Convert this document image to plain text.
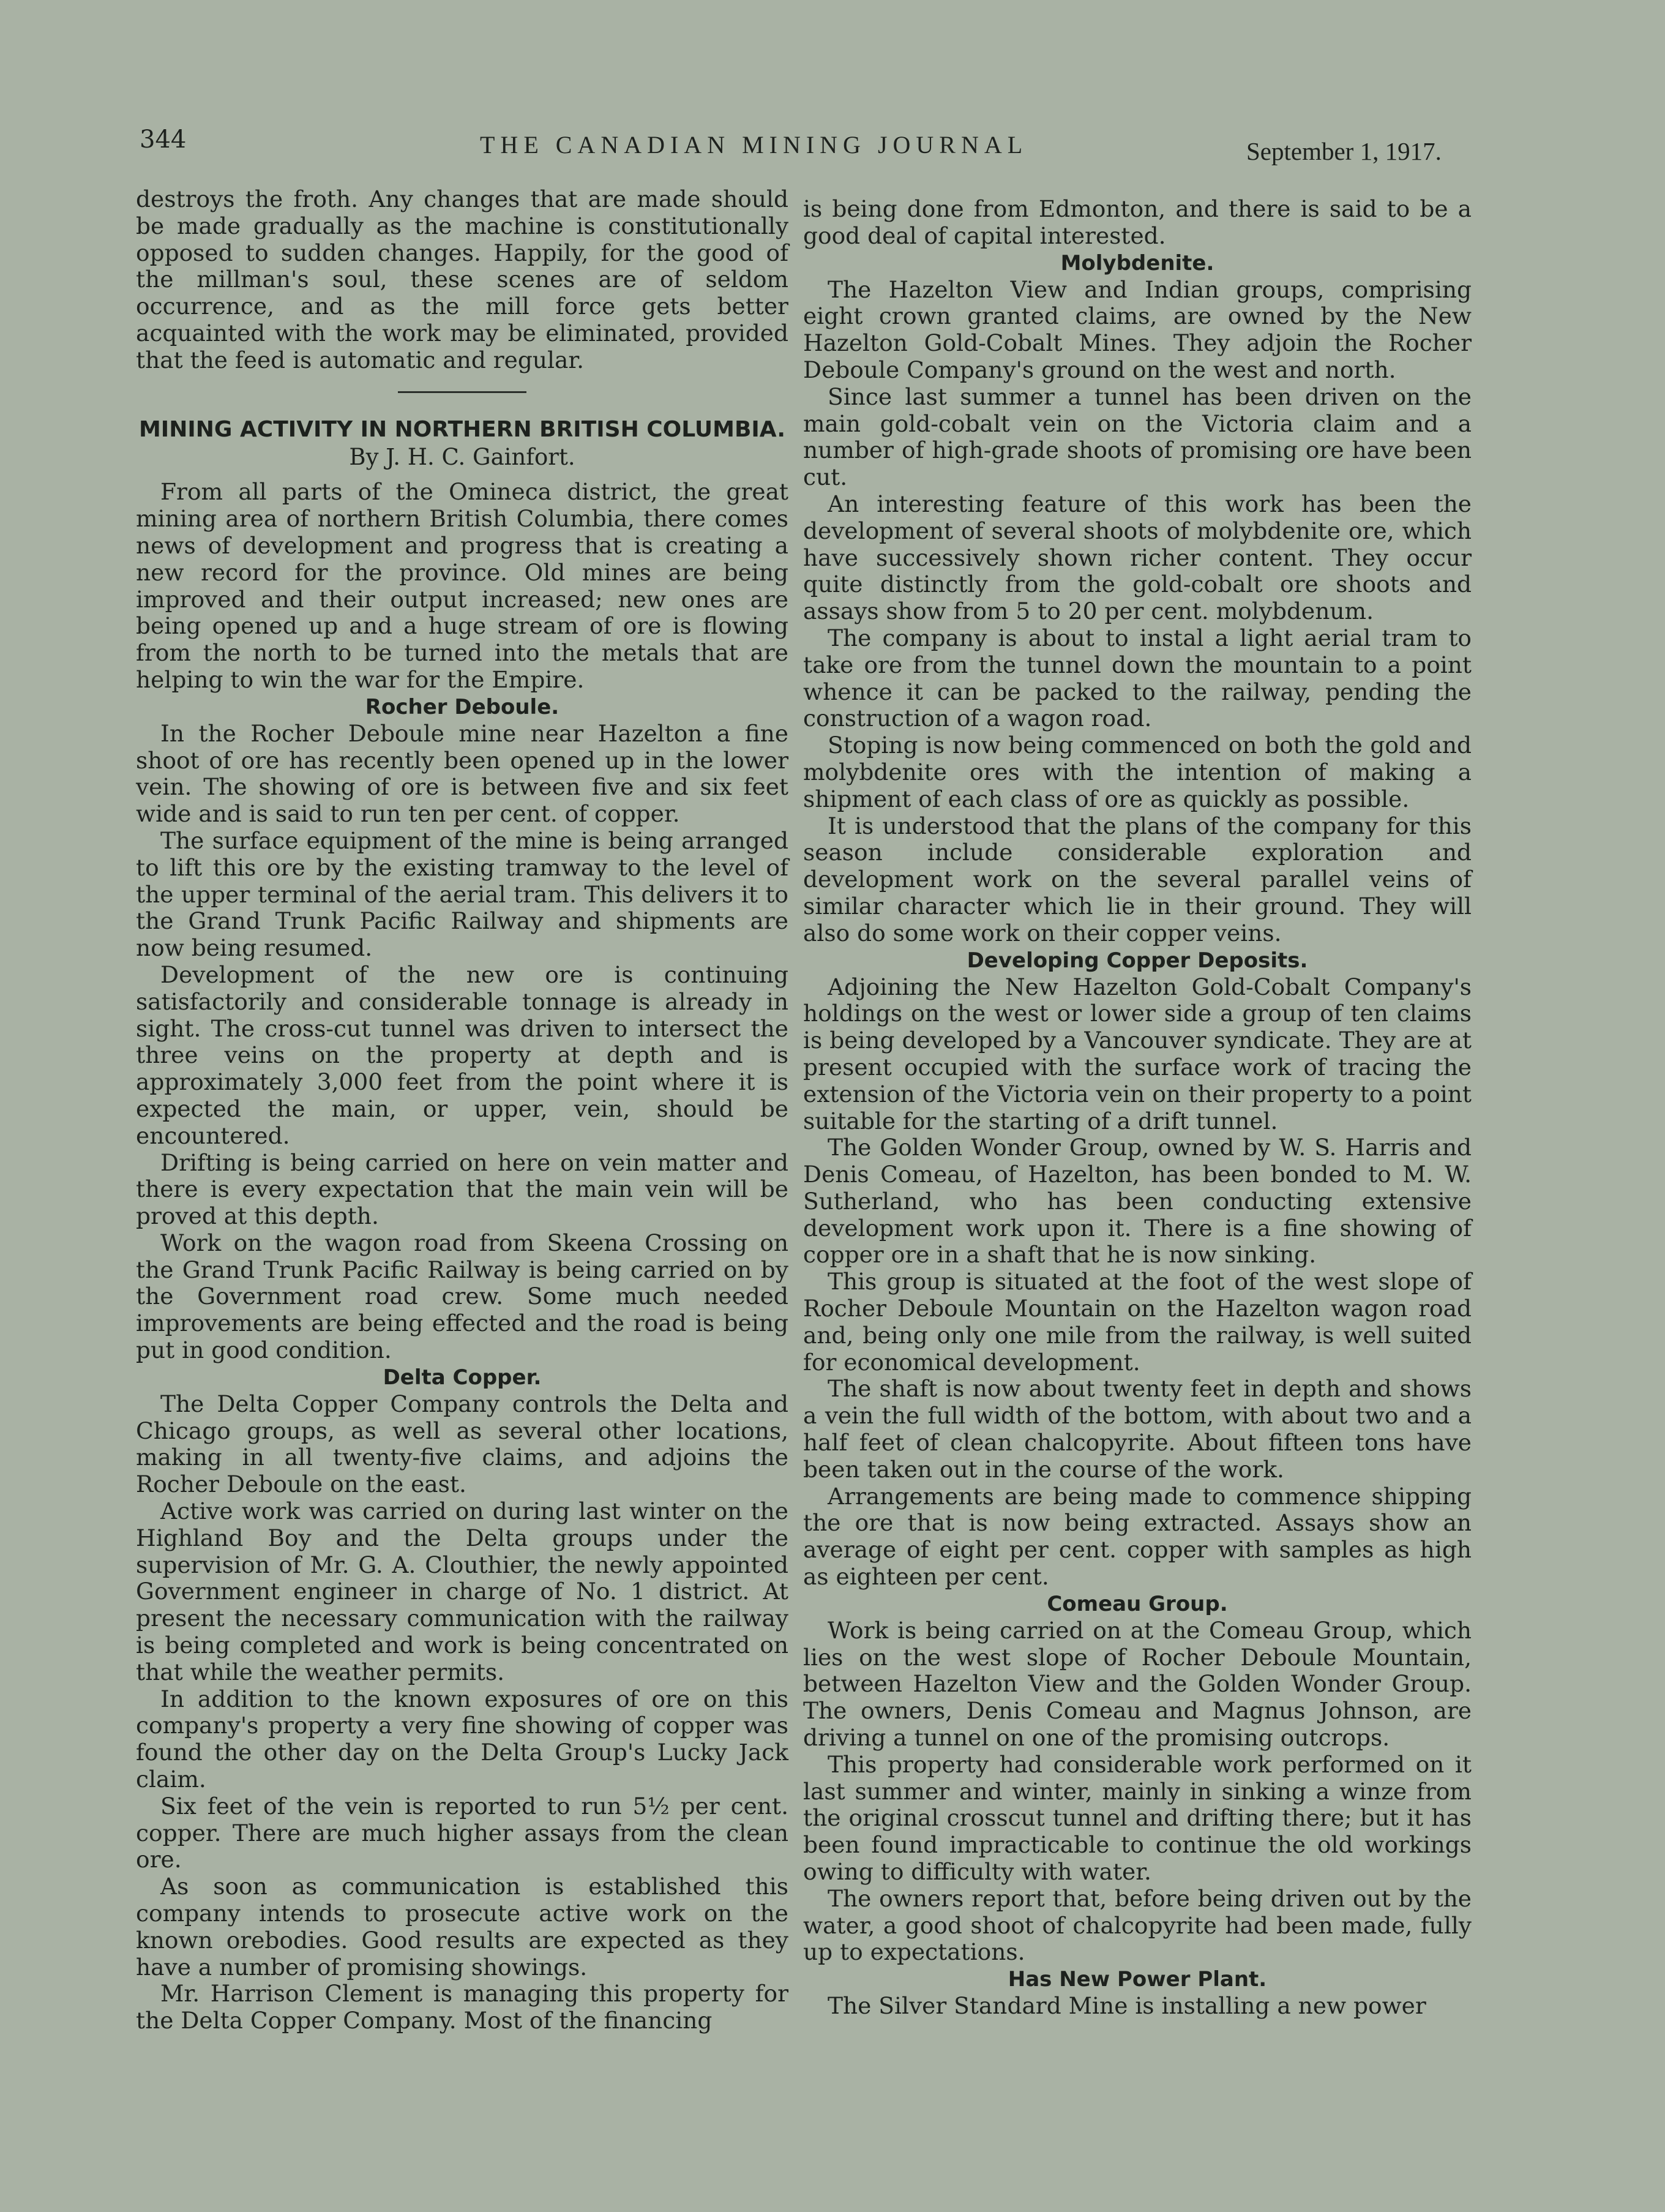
344	THE CANADIAN MINING JOURNAL	September 1, 1917.

destroys the froth. Any changes that are made should be made gradually as the machine is constitutionally opposed to sudden changes. Happily, for the good of the millman's soul, these scenes are of seldom occurrence, and as the mill force gets better acquainted with the work may be eliminated, provided that the feed is automatic and regular.

MINING ACTIVITY IN NORTHERN BRITISH COLUMBIA.
By J. H. C. Gainfort.

From all parts of the Omineca district, the great mining area of northern British Columbia, there comes news of development and progress that is creating a new record for the province. Old mines are being improved and their output increased; new ones are being opened up and a huge stream of ore is flowing from the north to be turned into the metals that are helping to win the war for the Empire.

Rocher Deboule.

In the Rocher Deboule mine near Hazelton a fine shoot of ore has recently been opened up in the lower vein. The showing of ore is between five and six feet wide and is said to run ten per cent. of copper.

The surface equipment of the mine is being arranged to lift this ore by the existing tramway to the level of the upper terminal of the aerial tram. This delivers it to the Grand Trunk Pacific Railway and shipments are now being resumed.

Development of the new ore is continuing satisfactorily and considerable tonnage is already in sight. The cross-cut tunnel was driven to intersect the three veins on the property at depth and is approximately 3,000 feet from the point where it is expected the main, or upper, vein, should be encountered.

Drifting is being carried on here on vein matter and there is every expectation that the main vein will be proved at this depth.

Work on the wagon road from Skeena Crossing on the Grand Trunk Pacific Railway is being carried on by the Government road crew. Some much needed improvements are being effected and the road is being put in good condition.

Delta Copper.

The Delta Copper Company controls the Delta and Chicago groups, as well as several other locations, making in all twenty-five claims, and adjoins the Rocher Deboule on the east.

Active work was carried on during last winter on the Highland Boy and the Delta groups under the supervision of Mr. G. A. Clouthier, the newly appointed Government engineer in charge of No. 1 district. At present the necessary communication with the railway is being completed and work is being concentrated on that while the weather permits.

In addition to the known exposures of ore on this company's property a very fine showing of copper was found the other day on the Delta Group's Lucky Jack claim.

Six feet of the vein is reported to run 5½ per cent. copper. There are much higher assays from the clean ore.

As soon as communication is established this company intends to prosecute active work on the known orebodies. Good results are expected as they have a number of promising showings.

Mr. Harrison Clement is managing this property for the Delta Copper Company. Most of the financing

is being done from Edmonton, and there is said to be a good deal of capital interested.

Molybdenite.

The Hazelton View and Indian groups, comprising eight crown granted claims, are owned by the New Hazelton Gold-Cobalt Mines. They adjoin the Rocher Deboule Company's ground on the west and north.

Since last summer a tunnel has been driven on the main gold-cobalt vein on the Victoria claim and a number of high-grade shoots of promising ore have been cut.

An interesting feature of this work has been the development of several shoots of molybdenite ore, which have successively shown richer content. They occur quite distinctly from the gold-cobalt ore shoots and assays show from 5 to 20 per cent. molybdenum.

The company is about to instal a light aerial tram to take ore from the tunnel down the mountain to a point whence it can be packed to the railway, pending the construction of a wagon road.

Stoping is now being commenced on both the gold and molybdenite ores with the intention of making a shipment of each class of ore as quickly as possible.

It is understood that the plans of the company for this season include considerable exploration and development work on the several parallel veins of similar character which lie in their ground. They will also do some work on their copper veins.

Developing Copper Deposits.

Adjoining the New Hazelton Gold-Cobalt Company's holdings on the west or lower side a group of ten claims is being developed by a Vancouver syndicate. They are at present occupied with the surface work of tracing the extension of the Victoria vein on their property to a point suitable for the starting of a drift tunnel.

The Golden Wonder Group, owned by W. S. Harris and Denis Comeau, of Hazelton, has been bonded to M. W. Sutherland, who has been conducting extensive development work upon it. There is a fine showing of copper ore in a shaft that he is now sinking.

This group is situated at the foot of the west slope of Rocher Deboule Mountain on the Hazelton wagon road and, being only one mile from the railway, is well suited for economical development.

The shaft is now about twenty feet in depth and shows a vein the full width of the bottom, with about two and a half feet of clean chalcopyrite. About fifteen tons have been taken out in the course of the work.

Arrangements are being made to commence shipping the ore that is now being extracted. Assays show an average of eight per cent. copper with samples as high as eighteen per cent.

Comeau Group.

Work is being carried on at the Comeau Group, which lies on the west slope of Rocher Deboule Mountain, between Hazelton View and the Golden Wonder Group. The owners, Denis Comeau and Magnus Johnson, are driving a tunnel on one of the promising outcrops.

This property had considerable work performed on it last summer and winter, mainly in sinking a winze from the original crosscut tunnel and drifting there; but it has been found impracticable to continue the old workings owing to difficulty with water.

The owners report that, before being driven out by the water, a good shoot of chalcopyrite had been made, fully up to expectations.

Has New Power Plant.

The Silver Standard Mine is installing a new power
